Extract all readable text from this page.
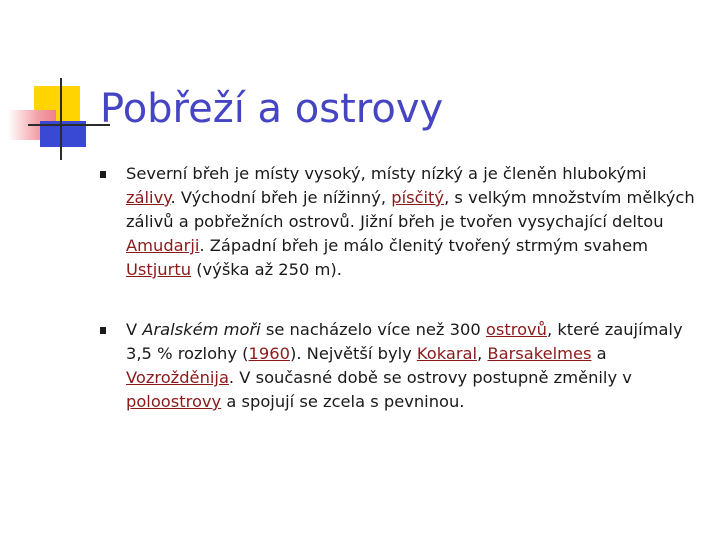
Pobřeží a ostrovy

Severní břeh je místy vysoký, místy nízký a je členěn hlubokými zálivy. Východní břeh je nížinný, písčitý, s velkým množstvím mělkých zálivů a pobřežních ostrovů. Jižní břeh je tvořen vysychající deltou Amudarji. Západní břeh je málo členitý tvořený strmým svahem Ustjurtu (výška až 250 m).

V Aralském moři se nacházelo více než 300 ostrovů, které zaujímaly 3,5 % rozlohy (1960). Největší byly Kokaral, Barsakelmes a Vozrožděnija. V současné době se ostrovy postupně změnily v poloostrovy a spojují se zcela s pevninou.
